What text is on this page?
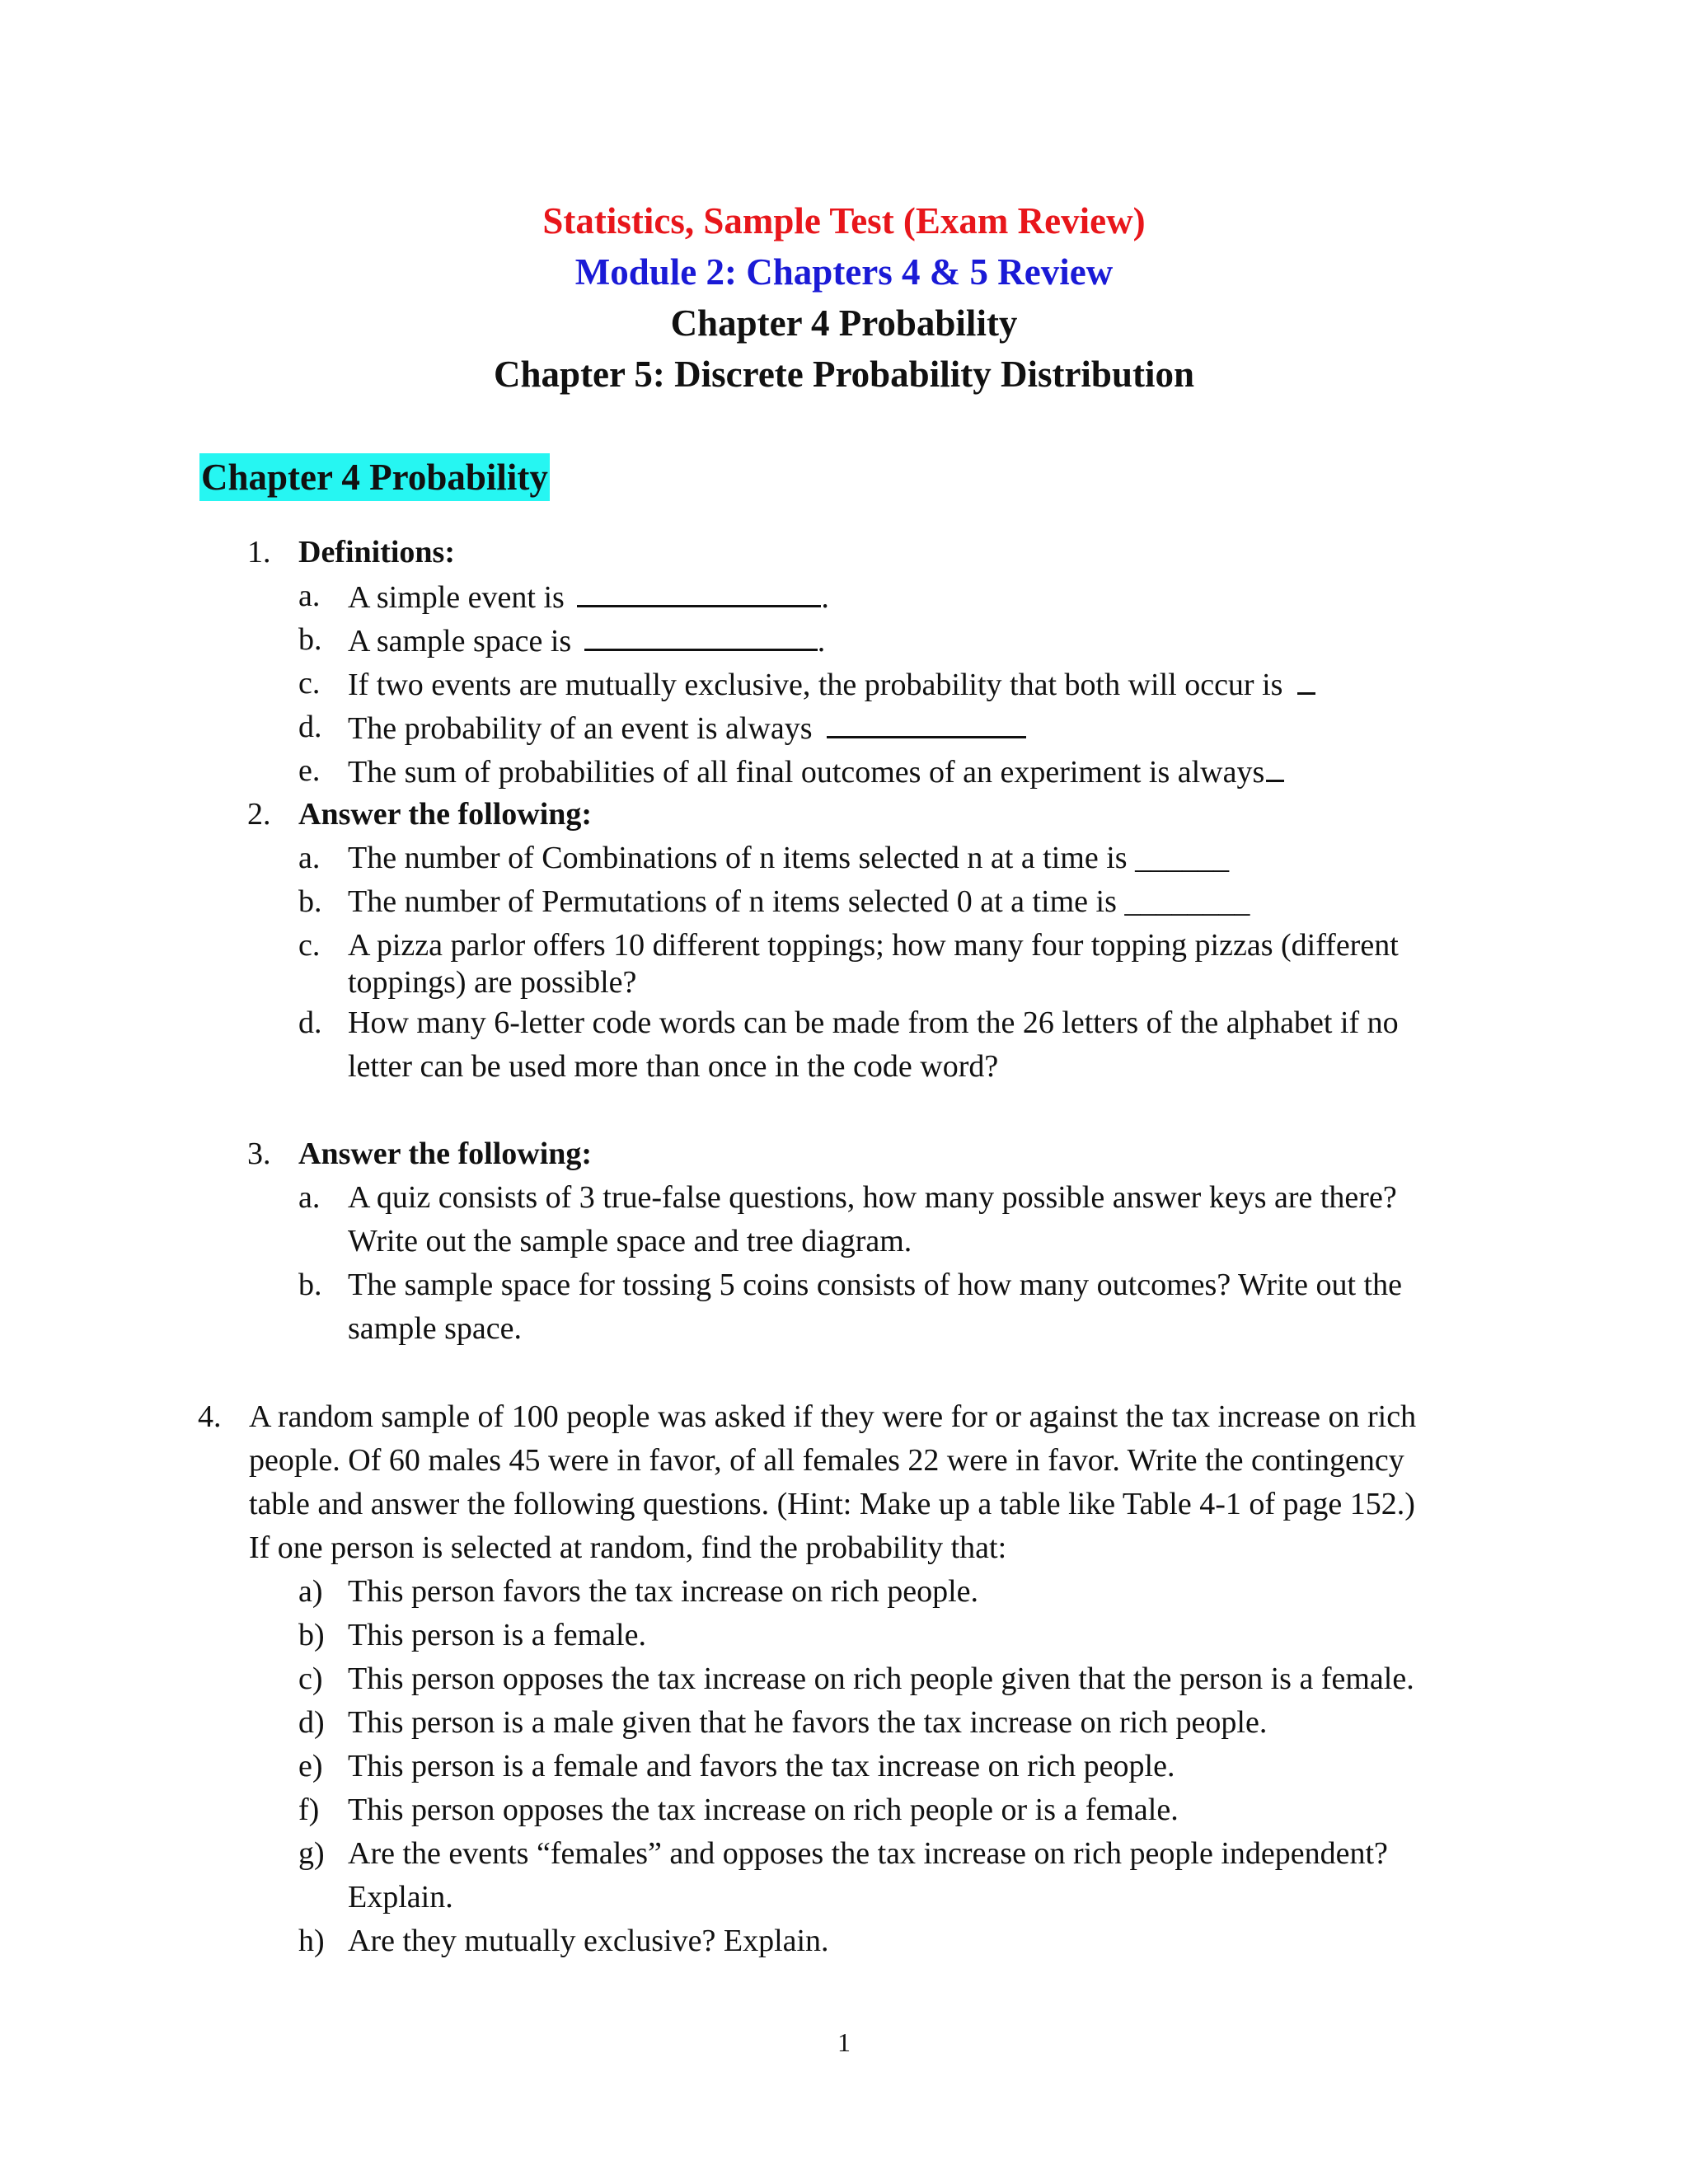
Statistics, Sample Test (Exam Review)
Module 2: Chapters 4 & 5 Review
Chapter 4 Probability
Chapter 5: Discrete Probability Distribution
Chapter 4 Probability
1. Definitions:
a. A simple event is	.
b. A sample space is	.
c. If two events are mutually exclusive, the probability that both will occur is
d. The probability of an event is always
e. The sum of probabilities of all final outcomes of an experiment is always
2. Answer the following:
a. The number of Combinations of n items selected n at a time is ______
b. The number of Permutations of n items selected 0 at a time is ________
c. A pizza parlor offers 10 different toppings; how many four topping pizzas (different
toppings) are possible?
d. How many 6-letter code words can be made from the 26 letters of the alphabet if no
letter can be used more than once in the code word?
3. Answer the following:
a. A quiz consists of 3 true-false questions, how many possible answer keys are there?
Write out the sample space and tree diagram.
b. The sample space for tossing 5 coins consists of how many outcomes? Write out the
sample space.
4. A random sample of 100 people was asked if they were for or against the tax increase on rich
people. Of 60 males 45 were in favor, of all females 22 were in favor. Write the contingency
table and answer the following questions. (Hint: Make up a table like Table 4-1 of page 152.)
If one person is selected at random, find the probability that:
a) This person favors the tax increase on rich people.
b) This person is a female.
c) This person opposes the tax increase on rich people given that the person is a female.
d) This person is a male given that he favors the tax increase on rich people.
e) This person is a female and favors the tax increase on rich people.
f) This person opposes the tax increase on rich people or is a female.
g) Are the events “females” and opposes the tax increase on rich people independent?
Explain.
h) Are they mutually exclusive? Explain.
1
